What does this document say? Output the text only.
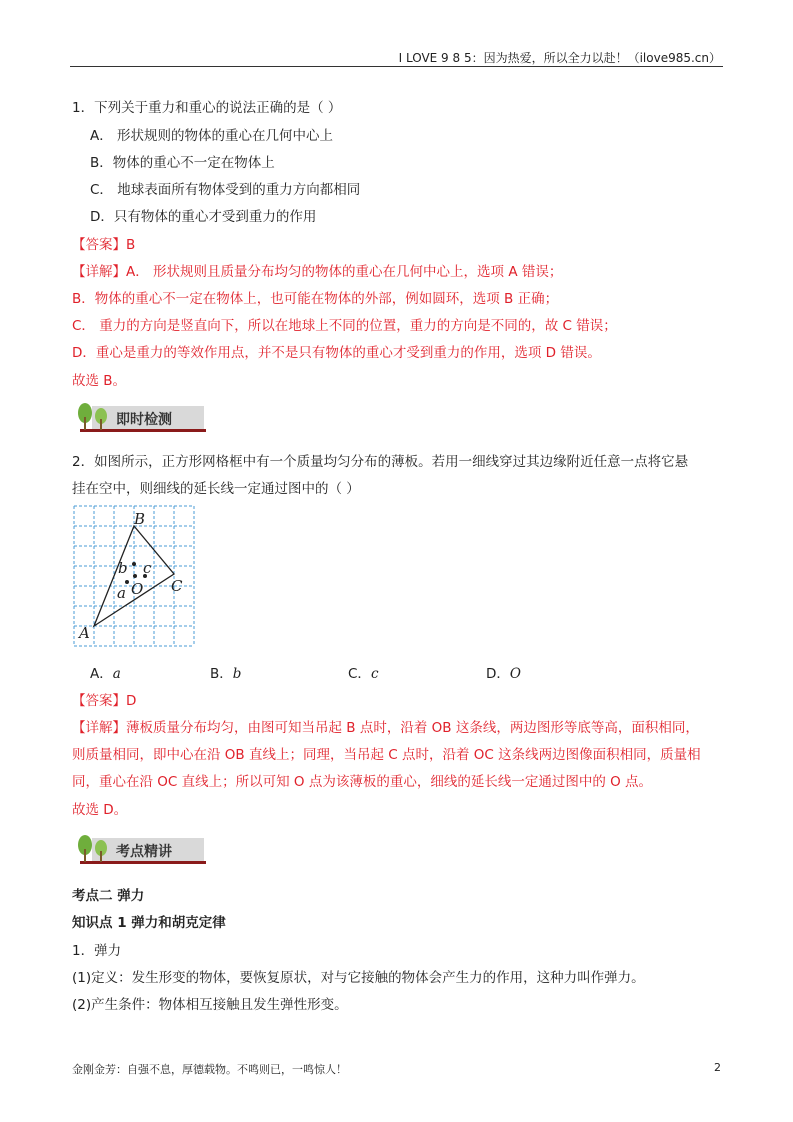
I LOVE 9 8 5：因为热爱，所以全力以赴！（ilove985.cn）
1．下列关于重力和重心的说法正确的是（ ）
A． 形状规则的物体的重心在几何中心上
B．物体的重心不一定在物体上
C． 地球表面所有物体受到的重力方向都相同
D．只有物体的重心才受到重力的作用
【答案】B
【详解】A． 形状规则且质量分布均匀的物体的重心在几何中心上，选项 A 错误；
B．物体的重心不一定在物体上，也可能在物体的外部，例如圆环，选项 B 正确；
C． 重力的方向是竖直向下，所以在地球上不同的位置，重力的方向是不同的，故 C 错误；
D．重心是重力的等效作用点，并不是只有物体的重心才受到重力的作用，选项 D 错误。
故选 B。
即时检测
2．如图所示，正方形网格框中有一个质量均匀分布的薄板。若用一细线穿过其边缘附近任意一点将它悬
挂在空中，则细线的延长线一定通过图中的（ ）
B
C
A
O
a
b c
A．a	B．b	C．c	D．O
【答案】D
【详解】薄板质量分布均匀，由图可知当吊起 B 点时，沿着 OB 这条线，两边图形等底等高，面积相同，
则质量相同，即中心在沿 OB 直线上；同理，当吊起 C 点时，沿着 OC 这条线两边图像面积相同，质量相
同，重心在沿 OC 直线上；所以可知 O 点为该薄板的重心，细线的延长线一定通过图中的 O 点。
故选 D。
考点精讲
考点二 弹力
知识点 1 弹力和胡克定律
1．弹力
(1)定义：发生形变的物体，要恢复原状，对与它接触的物体会产生力的作用，这种力叫作弹力。
(2)产生条件：物体相互接触且发生弹性形变。
金刚金芳：自强不息，厚德载物。不鸣则已，一鸣惊人！	2
